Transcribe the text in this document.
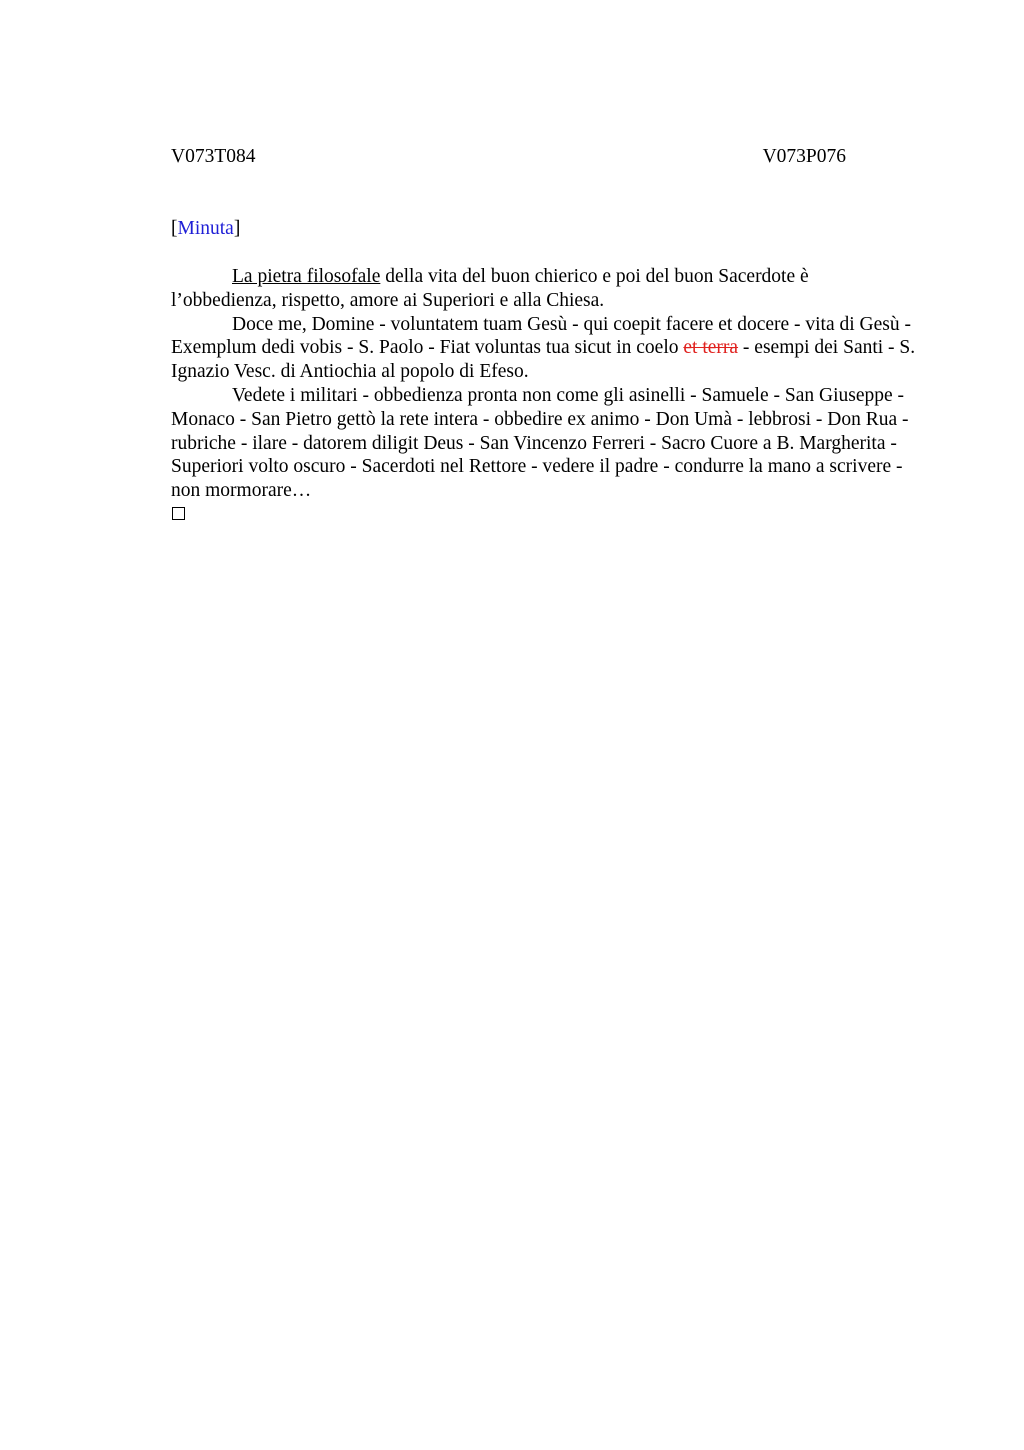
V073T084	V073P076
[Minuta]

La pietra filosofale della vita del buon chierico e poi del buon Sacerdote è l’obbedienza, rispetto, amore ai Superiori e alla Chiesa.

Doce me, Domine - voluntatem tuam Gesù - qui coepit facere et docere - vita di Gesù - Exemplum dedi vobis - S. Paolo - Fiat voluntas tua sicut in coelo et terra - esempi dei Santi - S. Ignazio Vesc. di Antiochia al popolo di Efeso.

Vedete i militari - obbedienza pronta non come gli asinelli - Samuele - San Giuseppe - Monaco - San Pietro gettò la rete intera - obbedire ex animo - Don Umà - lebbrosi - Don Rua - rubriche - ilare - datorem diligit Deus - San Vincenzo Ferreri - Sacro Cuore a B. Margherita - Superiori volto oscuro - Sacerdoti nel Rettore - vedere il padre - condurre la mano a scrivere - non mormorare…
